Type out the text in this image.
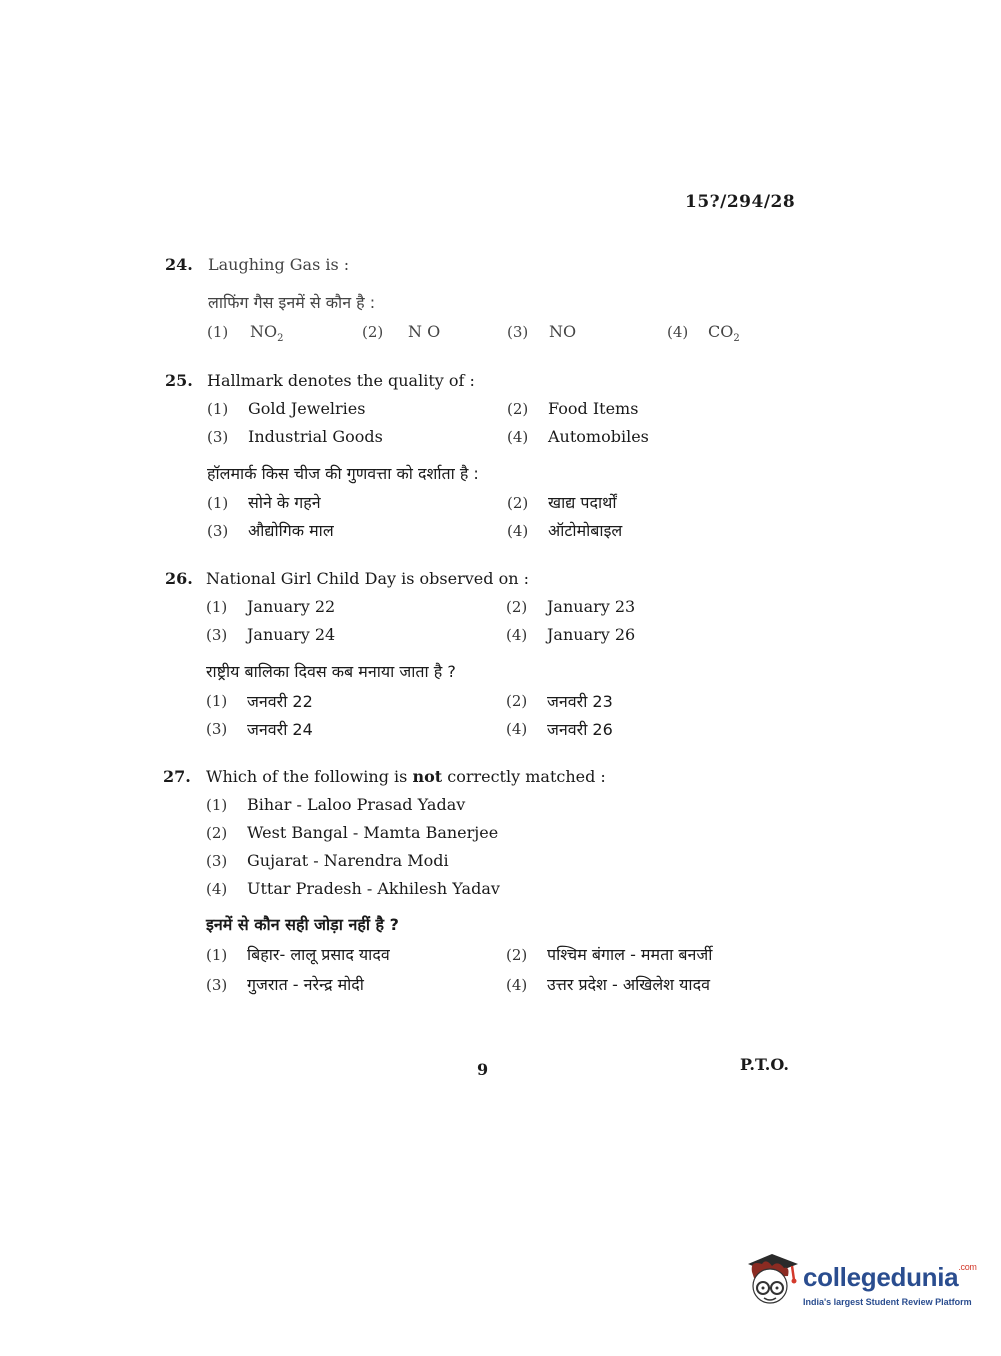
15?/294/28
24. Laughing Gas is :
लाफिंग गैस इनमें से कौन है :
(1) $NO_2$	(2) N O	(3) NO	(4) $CO_2$
25. Hallmark denotes the quality of :
(1) Gold Jewelries	(2) Food Items
(3) Industrial Goods	(4) Automobiles
हॉलमार्क किस चीज की गुणवत्ता को दर्शाता है :
(1) सोने के गहने	(2) खाद्य पदार्थों
(3) औद्योगिक माल	(4) ऑटोमोबाइल
26. National Girl Child Day is observed on :
(1) January 22	(2) January 23
(3) January 24	(4) January 26
राष्ट्रीय बालिका दिवस कब मनाया जाता है ?
(1) जनवरी 22	(2) जनवरी 23
(3) जनवरी 24	(4) जनवरी 26
27. Which of the following is not correctly matched :
(1) Bihar - Laloo Prasad Yadav
(2) West Bangal - Mamta Banerjee
(3) Gujarat - Narendra Modi
(4) Uttar Pradesh - Akhilesh Yadav
इनमें से कौन सही जोड़ा नहीं है ?
(1) बिहार- लालू प्रसाद यादव	(2) पश्चिम बंगाल - ममता बनर्जी
(3) गुजरात - नरेन्द्र मोदी	(4) उत्तर प्रदेश - अखिलेश यादव
9	P.T.O.
collegedunia$^{.com}$
India's largest Student Review Platform
